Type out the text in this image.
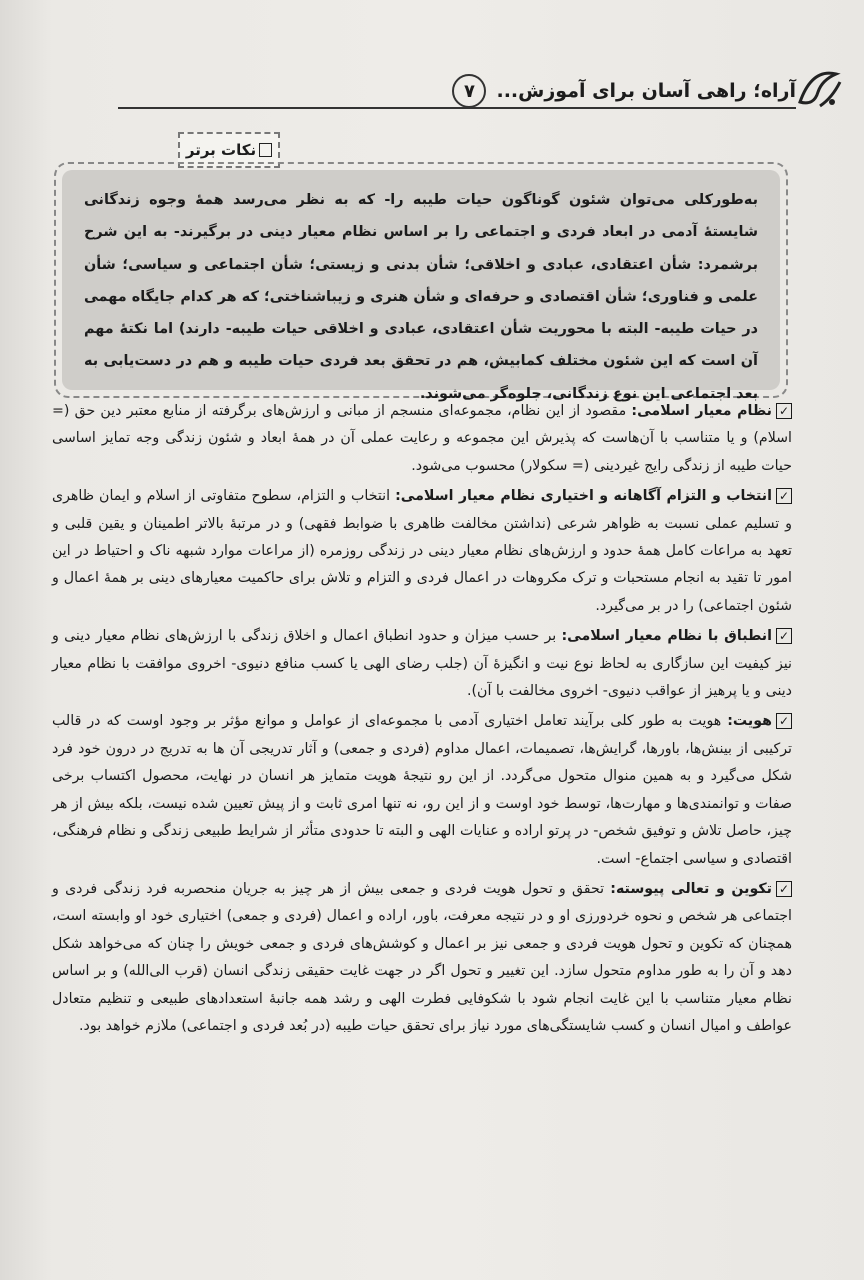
آراه؛ راهی آسان برای آموزش...
۷
نکات برتر
به‌طورکلی می‌توان شئون گوناگون حیات طیبه را- که به نظر می‌رسد همهٔ وجوه زندگانی شایستهٔ آدمی در ابعاد فردی و اجتماعی را بر اساس نظام معیار دینی در برگیرند- به این شرح برشمرد: شأن اعتقادی، عبادی و اخلاقی؛ شأن بدنی و زیستی؛ شأن اجتماعی و سیاسی؛ شأن علمی و فناوری؛ شأن اقتصادی و حرفه‌ای و شأن هنری و زیباشناختی؛ که هر کدام جایگاه مهمی در حیات طیبه- البته با محوریت شأن اعتقادی، عبادی و اخلاقی حیات طیبه- دارند) اما نکتهٔ مهم آن است که این شئون مختلف کمابیش، هم در تحقق بعد فردی حیات طیبه و هم در دست‌یابی به بعد اجتماعی این نوع زندگانی، جلوه‌گر می‌شوند.

✓نظام معیار اسلامی: مقصود از این نظام، مجموعه‌ای منسجم از مبانی و ارزش‌های برگرفته از منابع معتبر دین حق (= اسلام) و یا متناسب با آن‌هاست که پذیرش این مجموعه و رعایت عملی آن در همهٔ ابعاد و شئون زندگی وجه تمایز اساسی حیات طیبه از زندگی رایج غیردینی (= سکولار) محسوب می‌شود.

✓انتخاب و التزام آگاهانه و اختیاری نظام معیار اسلامی: انتخاب و التزام، سطوح متفاوتی از اسلام و ایمان ظاهری و تسلیم عملی نسبت به ظواهر شرعی (نداشتن مخالفت ظاهری با ضوابط فقهی) و در مرتبهٔ بالاتر اطمینان و یقین قلبی و تعهد به مراعات کامل همهٔ حدود و ارزش‌های نظام معیار دینی در زندگی روزمره (از مراعات موارد شبهه ناک و احتیاط در این امور تا تقید به انجام مستحبات و ترک مکروهات در اعمال فردی و التزام و تلاش برای حاکمیت معیارهای دینی بر همهٔ اعمال و شئون اجتماعی) را در بر می‌گیرد.

✓انطباق با نظام معیار اسلامی: بر حسب میزان و حدود انطباق اعمال و اخلاق زندگی با ارزش‌های نظام معیار دینی و نیز کیفیت این سازگاری به لحاظ نوع نیت و انگیزهٔ آن (جلب رضای الهی یا کسب منافع دنیوی- اخروی موافقت با نظام معیار دینی و یا پرهیز از عواقب دنیوی- اخروی مخالفت با آن).

✓هویت: هویت به طور کلی برآیند تعامل اختیاری آدمی با مجموعه‌ای از عوامل و موانع مؤثر بر وجود اوست که در قالب ترکیبی از بینش‌ها، باورها، گرایش‌ها، تصمیمات، اعمال مداوم (فردی و جمعی) و آثار تدریجی آن ها به تدریج در درون خود فرد شکل می‌گیرد و به همین منوال متحول می‌گردد. از این رو نتیجهٔ هویت متمایز هر انسان در نهایت، محصول اکتساب برخی صفات و توانمندی‌ها و مهارت‌ها، توسط خود اوست و از این رو، نه تنها امری ثابت و از پیش تعیین شده نیست، بلکه بیش از هر چیز، حاصل تلاش و توفیق شخص- در پرتو اراده و عنایات الهی و البته تا حدودی متأثر از شرایط طبیعی زندگی و نظام فرهنگی، اقتصادی و سیاسی اجتماع- است.

✓تکوین و تعالی پیوسته: تحقق و تحول هویت فردی و جمعی بیش از هر چیز به جریان منحصربه فرد زندگی فردی و اجتماعی هر شخص و نحوه خردورزی او و در نتیجه معرفت، باور، اراده و اعمال (فردی و جمعی) اختیاری خود او وابسته است، همچنان که تکوین و تحول هویت فردی و جمعی نیز بر اعمال و کوشش‌های فردی و جمعی خویش را چنان که می‌خواهد شکل دهد و آن را به طور مداوم متحول سازد. این تغییر و تحول اگر در جهت غایت حقیقی زندگی انسان (قرب الی‌الله) و بر اساس نظام معیار متناسب با این غایت انجام شود با شکوفایی فطرت الهی و رشد همه جانبهٔ استعدادهای طبیعی و تنظیم متعادل عواطف و امیال انسان و کسب شایستگی‌های مورد نیاز برای تحقق حیات طیبه (در بُعد فردی و اجتماعی) ملازم خواهد بود.
